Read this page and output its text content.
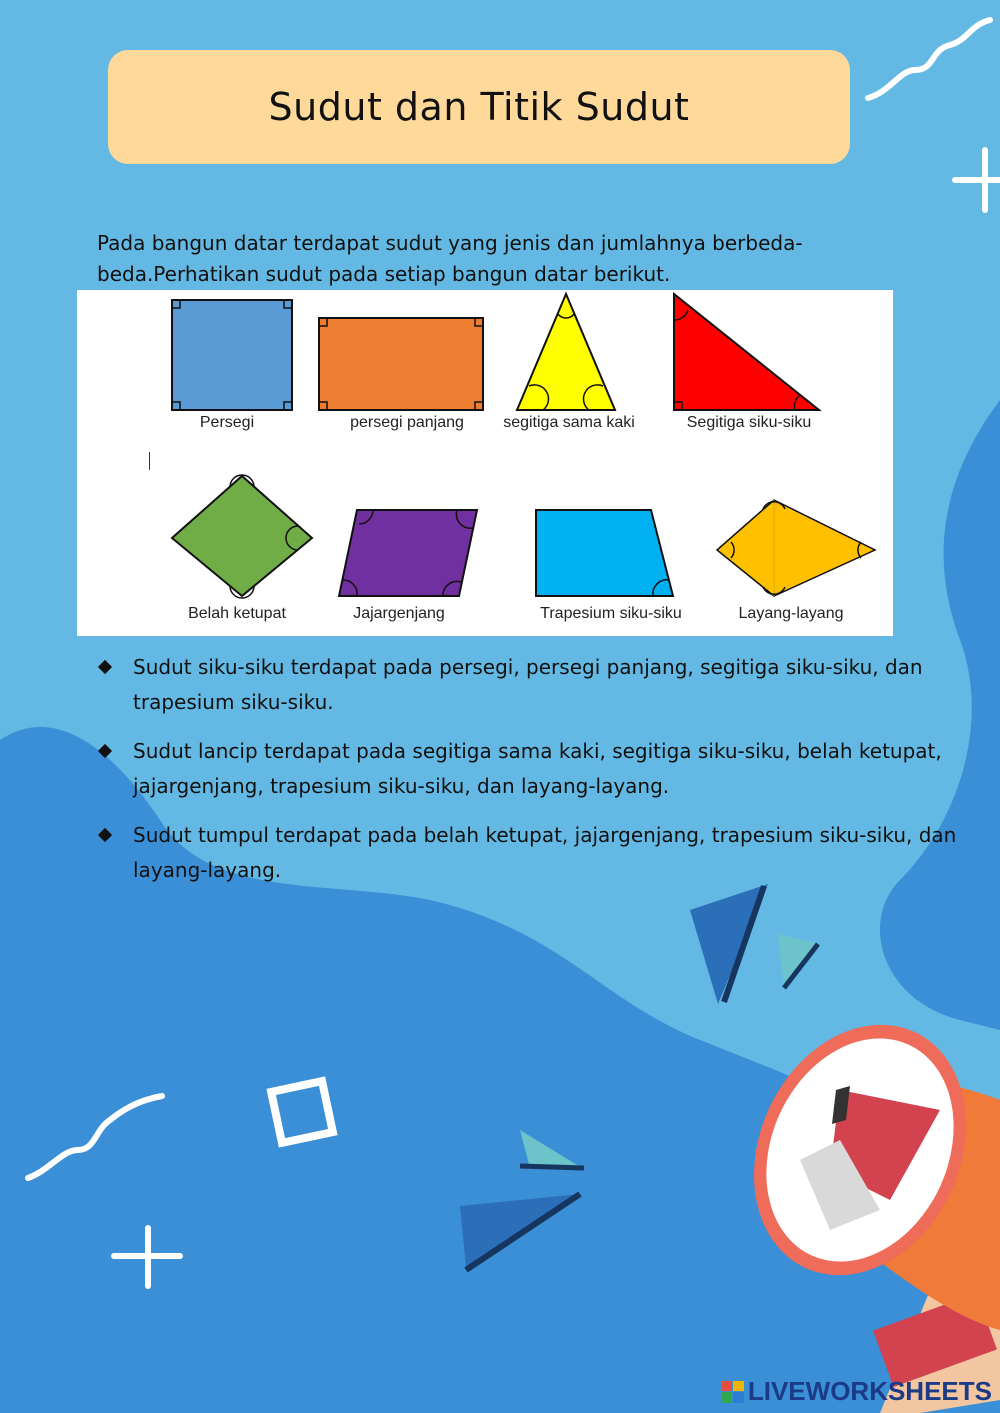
Sudut dan Titik Sudut

Pada bangun datar terdapat sudut yang jenis dan jumlahnya berbeda-beda.Perhatikan sudut pada setiap bangun datar berikut.

Persegi	persegi panjang segitiga sama kaki	Segitiga siku-siku
Belah ketupat	Jajargenjang	Trapesium siku-siku	Layang-layang
Sudut siku-siku terdapat pada persegi, persegi panjang, segitiga siku-siku, dan trapesium siku-siku.
Sudut lancip terdapat pada segitiga sama kaki, segitiga siku-siku, belah ketupat, jajargenjang, trapesium siku-siku, dan layang-layang.
Sudut tumpul terdapat pada belah ketupat, jajargenjang, trapesium siku-siku, dan layang-layang.
LIVEWORKSHEETS
